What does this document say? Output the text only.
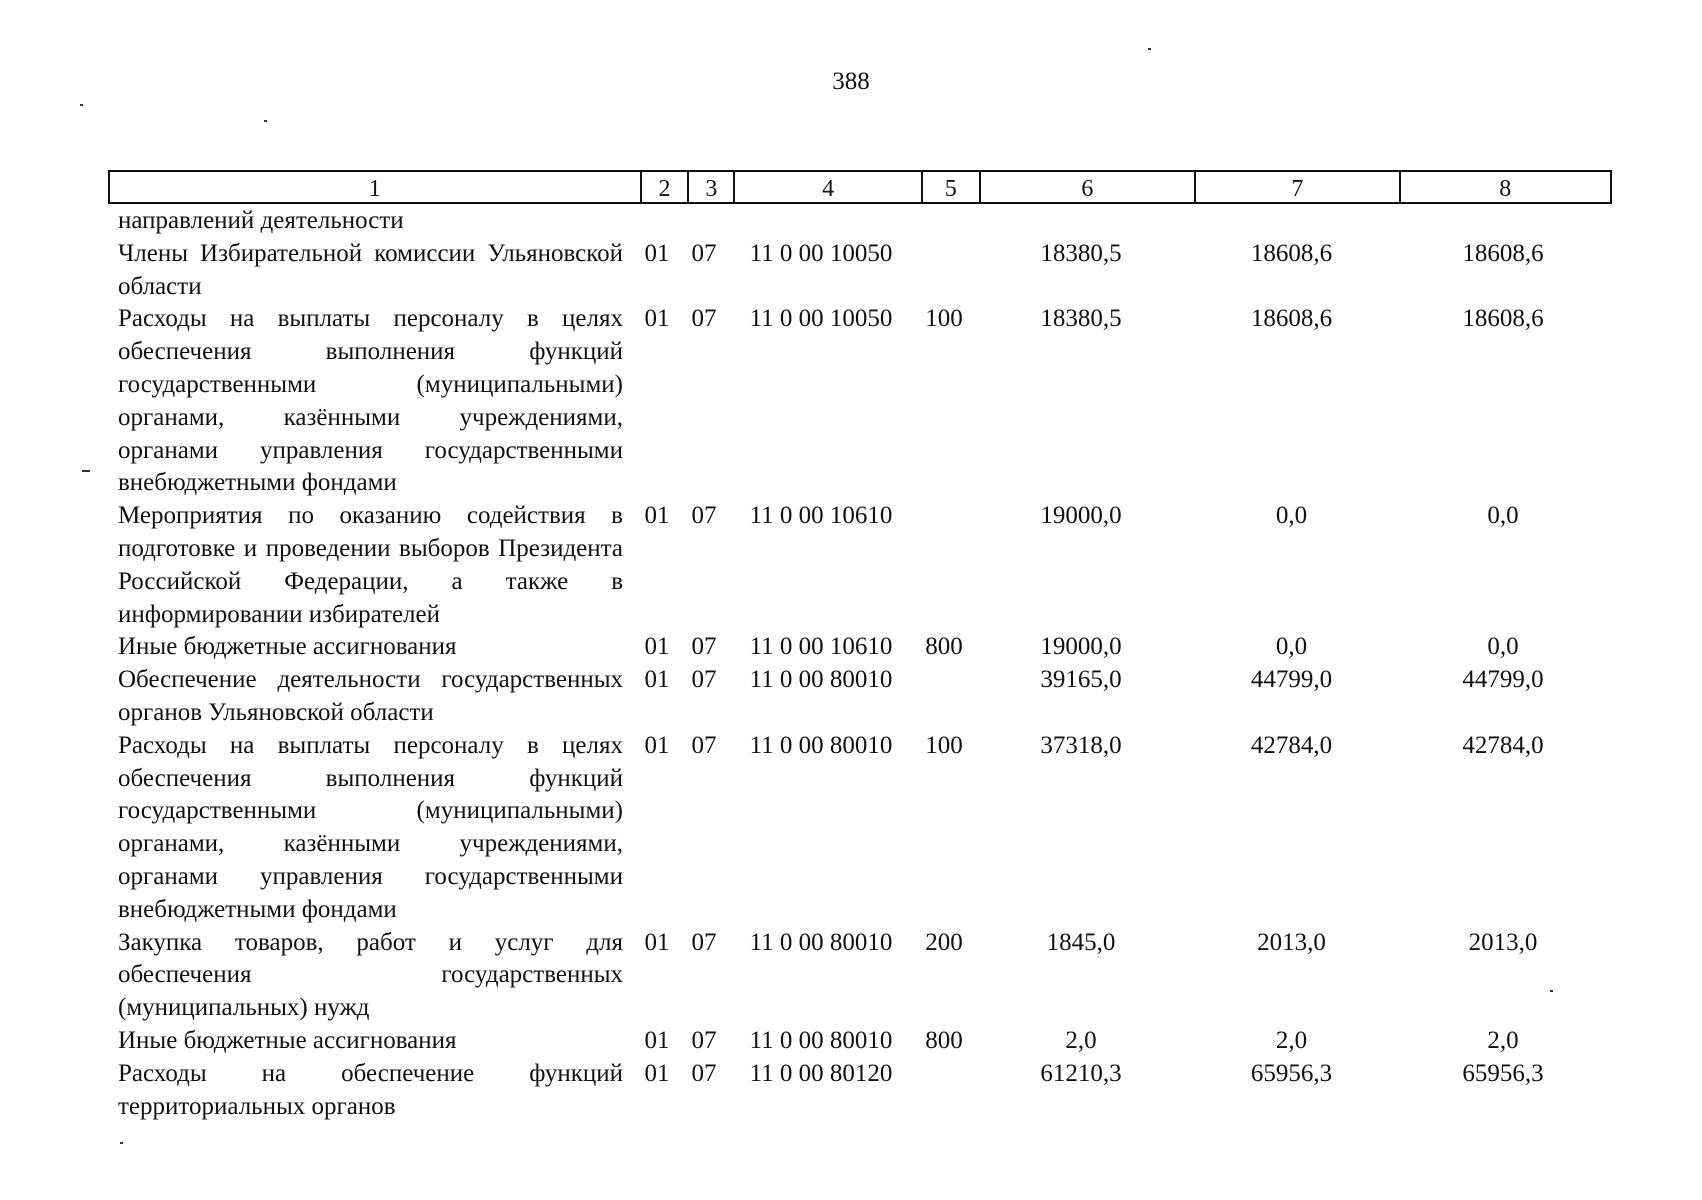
388
1	2	3	4	5	6	7	8
направлений деятельности
Члены Избирательной комиссии Ульяновской области
01 07	11 0 00 10050	18380,5	18608,6	18608,6
Расходы на выплаты персоналу в целях обеспечения выполнения функций государственными (муниципальными) органами, казёнными учреждениями, органами управления государственными внебюджетными фондами
01 07	11 0 00 10050	100	18380,5	18608,6	18608,6
Мероприятия по оказанию содействия в подготовке и проведении выборов Президента Российской Федерации, а также в информировании избирателей
01 07	11 0 00 10610	19000,0	0,0	0,0
Иные бюджетные ассигнования	01 07	11 0 00 10610	800	19000,0	0,0	0,0
Обеспечение деятельности государственных органов Ульяновской области
01 07	11 0 00 80010	39165,0	44799,0	44799,0
Расходы на выплаты персоналу в целях обеспечения выполнения функций государственными (муниципальными) органами, казёнными учреждениями, органами управления государственными внебюджетными фондами
01 07	11 0 00 80010	100	37318,0	42784,0	42784,0
Закупка товаров, работ и услуг для обеспечения государственных (муниципальных) нужд
01 07	11 0 00 80010	200	1845,0	2013,0	2013,0
Иные бюджетные ассигнования	01 07	11 0 00 80010	800	2,0	2,0	2,0
Расходы на обеспечение функций территориальных органов
01 07	11 0 00 80120	61210,3	65956,3	65956,3
